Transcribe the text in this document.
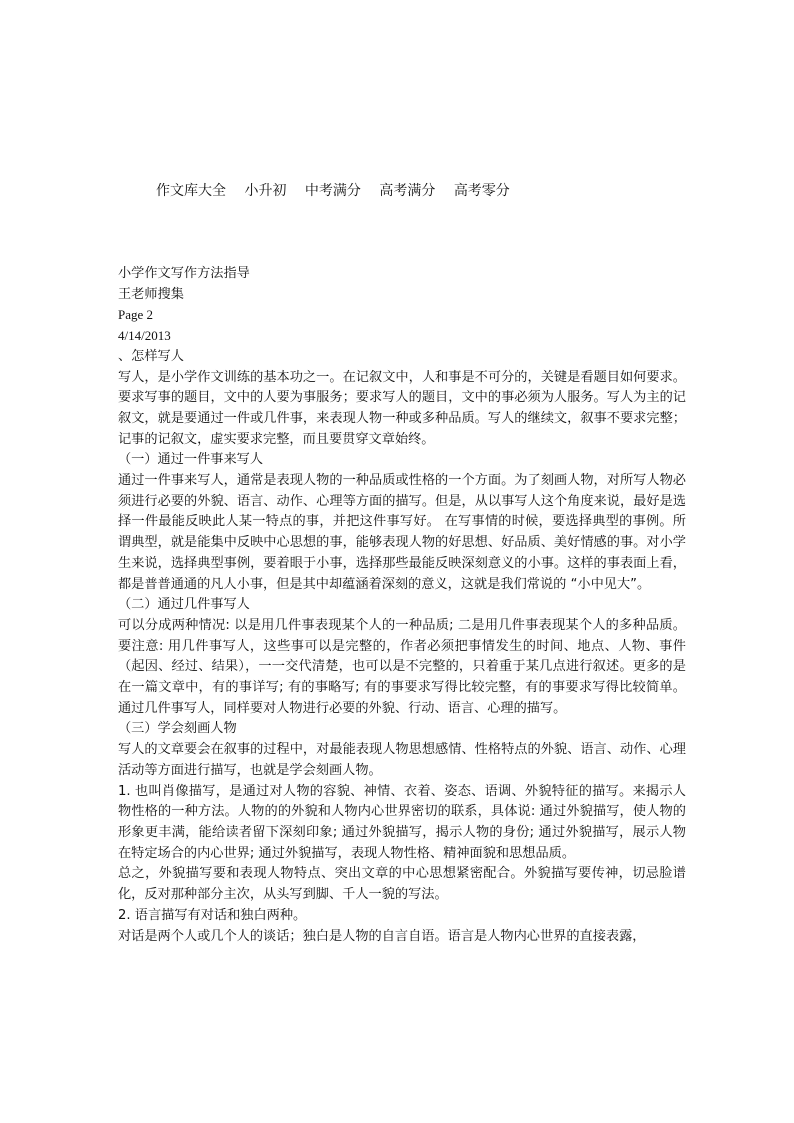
作文库大全 小升初 中考满分 高考满分 高考零分

小学作文写作方法指导

王老师搜集

Page 2

4/14/2013

、怎样写人

写人，是小学作文训练的基本功之一。在记叙文中，人和事是不可分的，关键是看题目如何要求。要求写事的题目，文中的人要为事服务；要求写人的题目，文中的事必须为人服务。写人为主的记叙文，就是要通过一件或几件事，来表现人物一种或多种品质。写人的继续文，叙事不要求完整；记事的记叙文，虚实要求完整，而且要贯穿文章始终。

（一）通过一件事来写人

通过一件事来写人，通常是表现人物的一种品质或性格的一个方面。为了刻画人物，对所写人物必须进行必要的外貌、语言、动作、心理等方面的描写。但是，从以事写人这个角度来说，最好是选择一件最能反映此人某一特点的事，并把这件事写好。 在写事情的时候，要选择典型的事例。所谓典型，就是能集中反映中心思想的事，能够表现人物的好思想、好品质、美好情感的事。对小学生来说，选择典型事例，要着眼于小事，选择那些最能反映深刻意义的小事。这样的事表面上看，都是普普通通的凡人小事，但是其中却蕴涵着深刻的意义，这就是我们常说的 “小中见大”。

（二）通过几件事写人

可以分成两种情况: 以是用几件事表现某个人的一种品质; 二是用几件事表现某个人的多种品质。 要注意: 用几件事写人，这些事可以是完整的，作者必须把事情发生的时间、地点、人物、事件（起因、经过、结果），一一交代清楚，也可以是不完整的，只着重于某几点进行叙述。更多的是在一篇文章中，有的事详写; 有的事略写; 有的事要求写得比较完整，有的事要求写得比较简单。 通过几件事写人，同样要对人物进行必要的外貌、行动、语言、心理的描写。

（三）学会刻画人物

写人的文章要会在叙事的过程中，对最能表现人物思想感情、性格特点的外貌、语言、动作、心理活动等方面进行描写，也就是学会刻画人物。

1. 也叫肖像描写，是通过对人物的容貌、神情、衣着、姿态、语调、外貌特征的描写。来揭示人物性格的一种方法。人物的的外貌和人物内心世界密切的联系，具体说: 通过外貌描写，使人物的形象更丰满，能给读者留下深刻印象; 通过外貌描写，揭示人物的身份; 通过外貌描写，展示人物在特定场合的内心世界; 通过外貌描写，表现人物性格、精神面貌和思想品质。

总之，外貌描写要和表现人物特点、突出文章的中心思想紧密配合。外貌描写要传神，切忌脸谱化，反对那种部分主次，从头写到脚、千人一貌的写法。

2. 语言描写有对话和独白两种。

对话是两个人或几个人的谈话；独白是人物的自言自语。语言是人物内心世界的直接表露，
